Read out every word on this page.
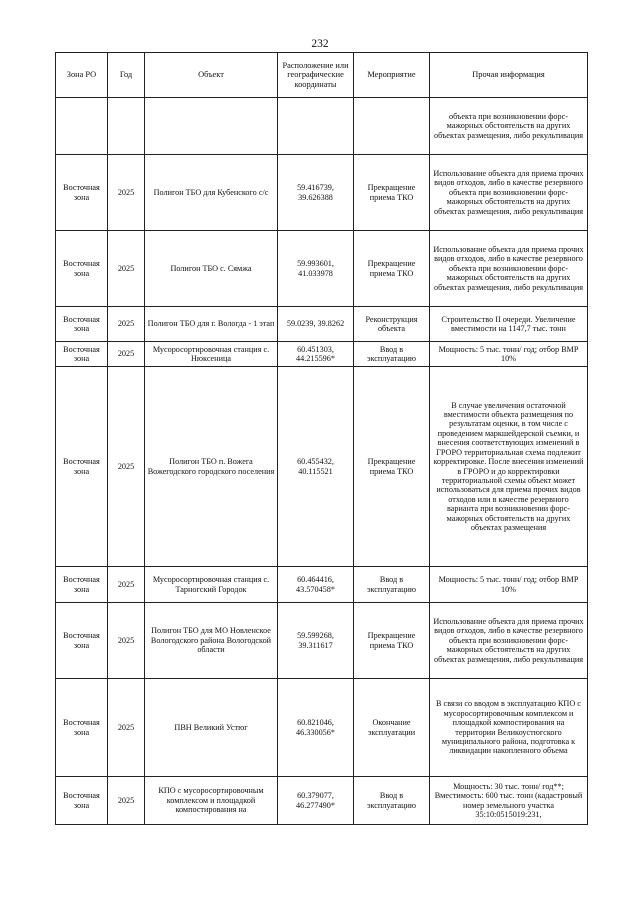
232
Зона РО	Год	Объект	Расположение или географические координаты	Мероприятие	Прочая информация

					объекта при возникновении форс-мажорных обстоятельств на других объектах размещения, либо рекультивация

Восточная зона	2025	Полигон ТБО для Кубенского с/с	59.416739, 39.626388	Прекращение приема ТКО	Использование объекта для приема прочих видов отходов, либо в качестве резервного объекта при возникновении форс-мажорных обстоятельств на других объектах размещения, либо рекультивация

Восточная зона	2025	Полигон ТБО с. Сямжа	59.993601, 41.033978	Прекращение приема ТКО	Использование объекта для приема прочих видов отходов, либо в качестве резервного объекта при возникновении форс-мажорных обстоятельств на других объектах размещения, либо рекультивация

Восточная зона	2025	Полигон ТБО для г. Вологда - 1 этап	59.0239, 39.8262	Реконструкция объекта	Строительство II очереди. Увеличение вместимости на 1147,7 тыс. тонн

Восточная зона	2025	Мусоросортировочная станция с. Нюксеница	60.451303, 44.215596*	Ввод в эксплуатацию	Мощность: 5 тыс. тонн/ год; отбор ВМР 10%

Восточная зона	2025	Полигон ТБО п. Вожега Вожегодского городского поселения	60.455432, 40.115521	Прекращение приема ТКО	В случае увеличения остаточной вместимости объекта размещения по результатам оценки, в том числе с проведением маркшейдерской съемки, и внесения соответствующих изменений в ГРОРО территориальная схема подлежит корректировке. После внесения изменений в ГРОРО и до корректировки территориальной схемы объект может использоваться для приема прочих видов отходов или в качестве резервного варианта при возникновении форс-мажорных обстоятельств на других объектах размещения

Восточная зона	2025	Мусоросортировочная станция с. Тарногский Городок	60.464416, 43.570458*	Ввод в эксплуатацию	Мощность: 5 тыс. тонн/ год; отбор ВМР 10%

Восточная зона	2025	Полигон ТБО для МО Новленское Вологодского района Вологодской области	59.599268, 39.311617	Прекращение приема ТКО	Использование объекта для приема прочих видов отходов, либо в качестве резервного объекта при возникновении форс-мажорных обстоятельств на других объектах размещения, либо рекультивация

Восточная зона	2025	ПВН Великий Устюг	60.821046, 46.330056*	Окончание эксплуатации	В связи со вводом в эксплуатацию КПО с мусоросортировочным комплексом и площадкой компостирования на территории Великоустюгского муниципального района, подготовка к ликвидации накопленного объема

Восточная зона	2025	КПО с мусоросортировочным комплексом и площадкой компостирования на	60.379077, 46.277490*	Ввод в эксплуатацию	Мощность: 30 тыс. тонн/ год**; Вместимость: 600 тыс. тонн (кадастровый номер земельного участка 35:10:0515019:231,
